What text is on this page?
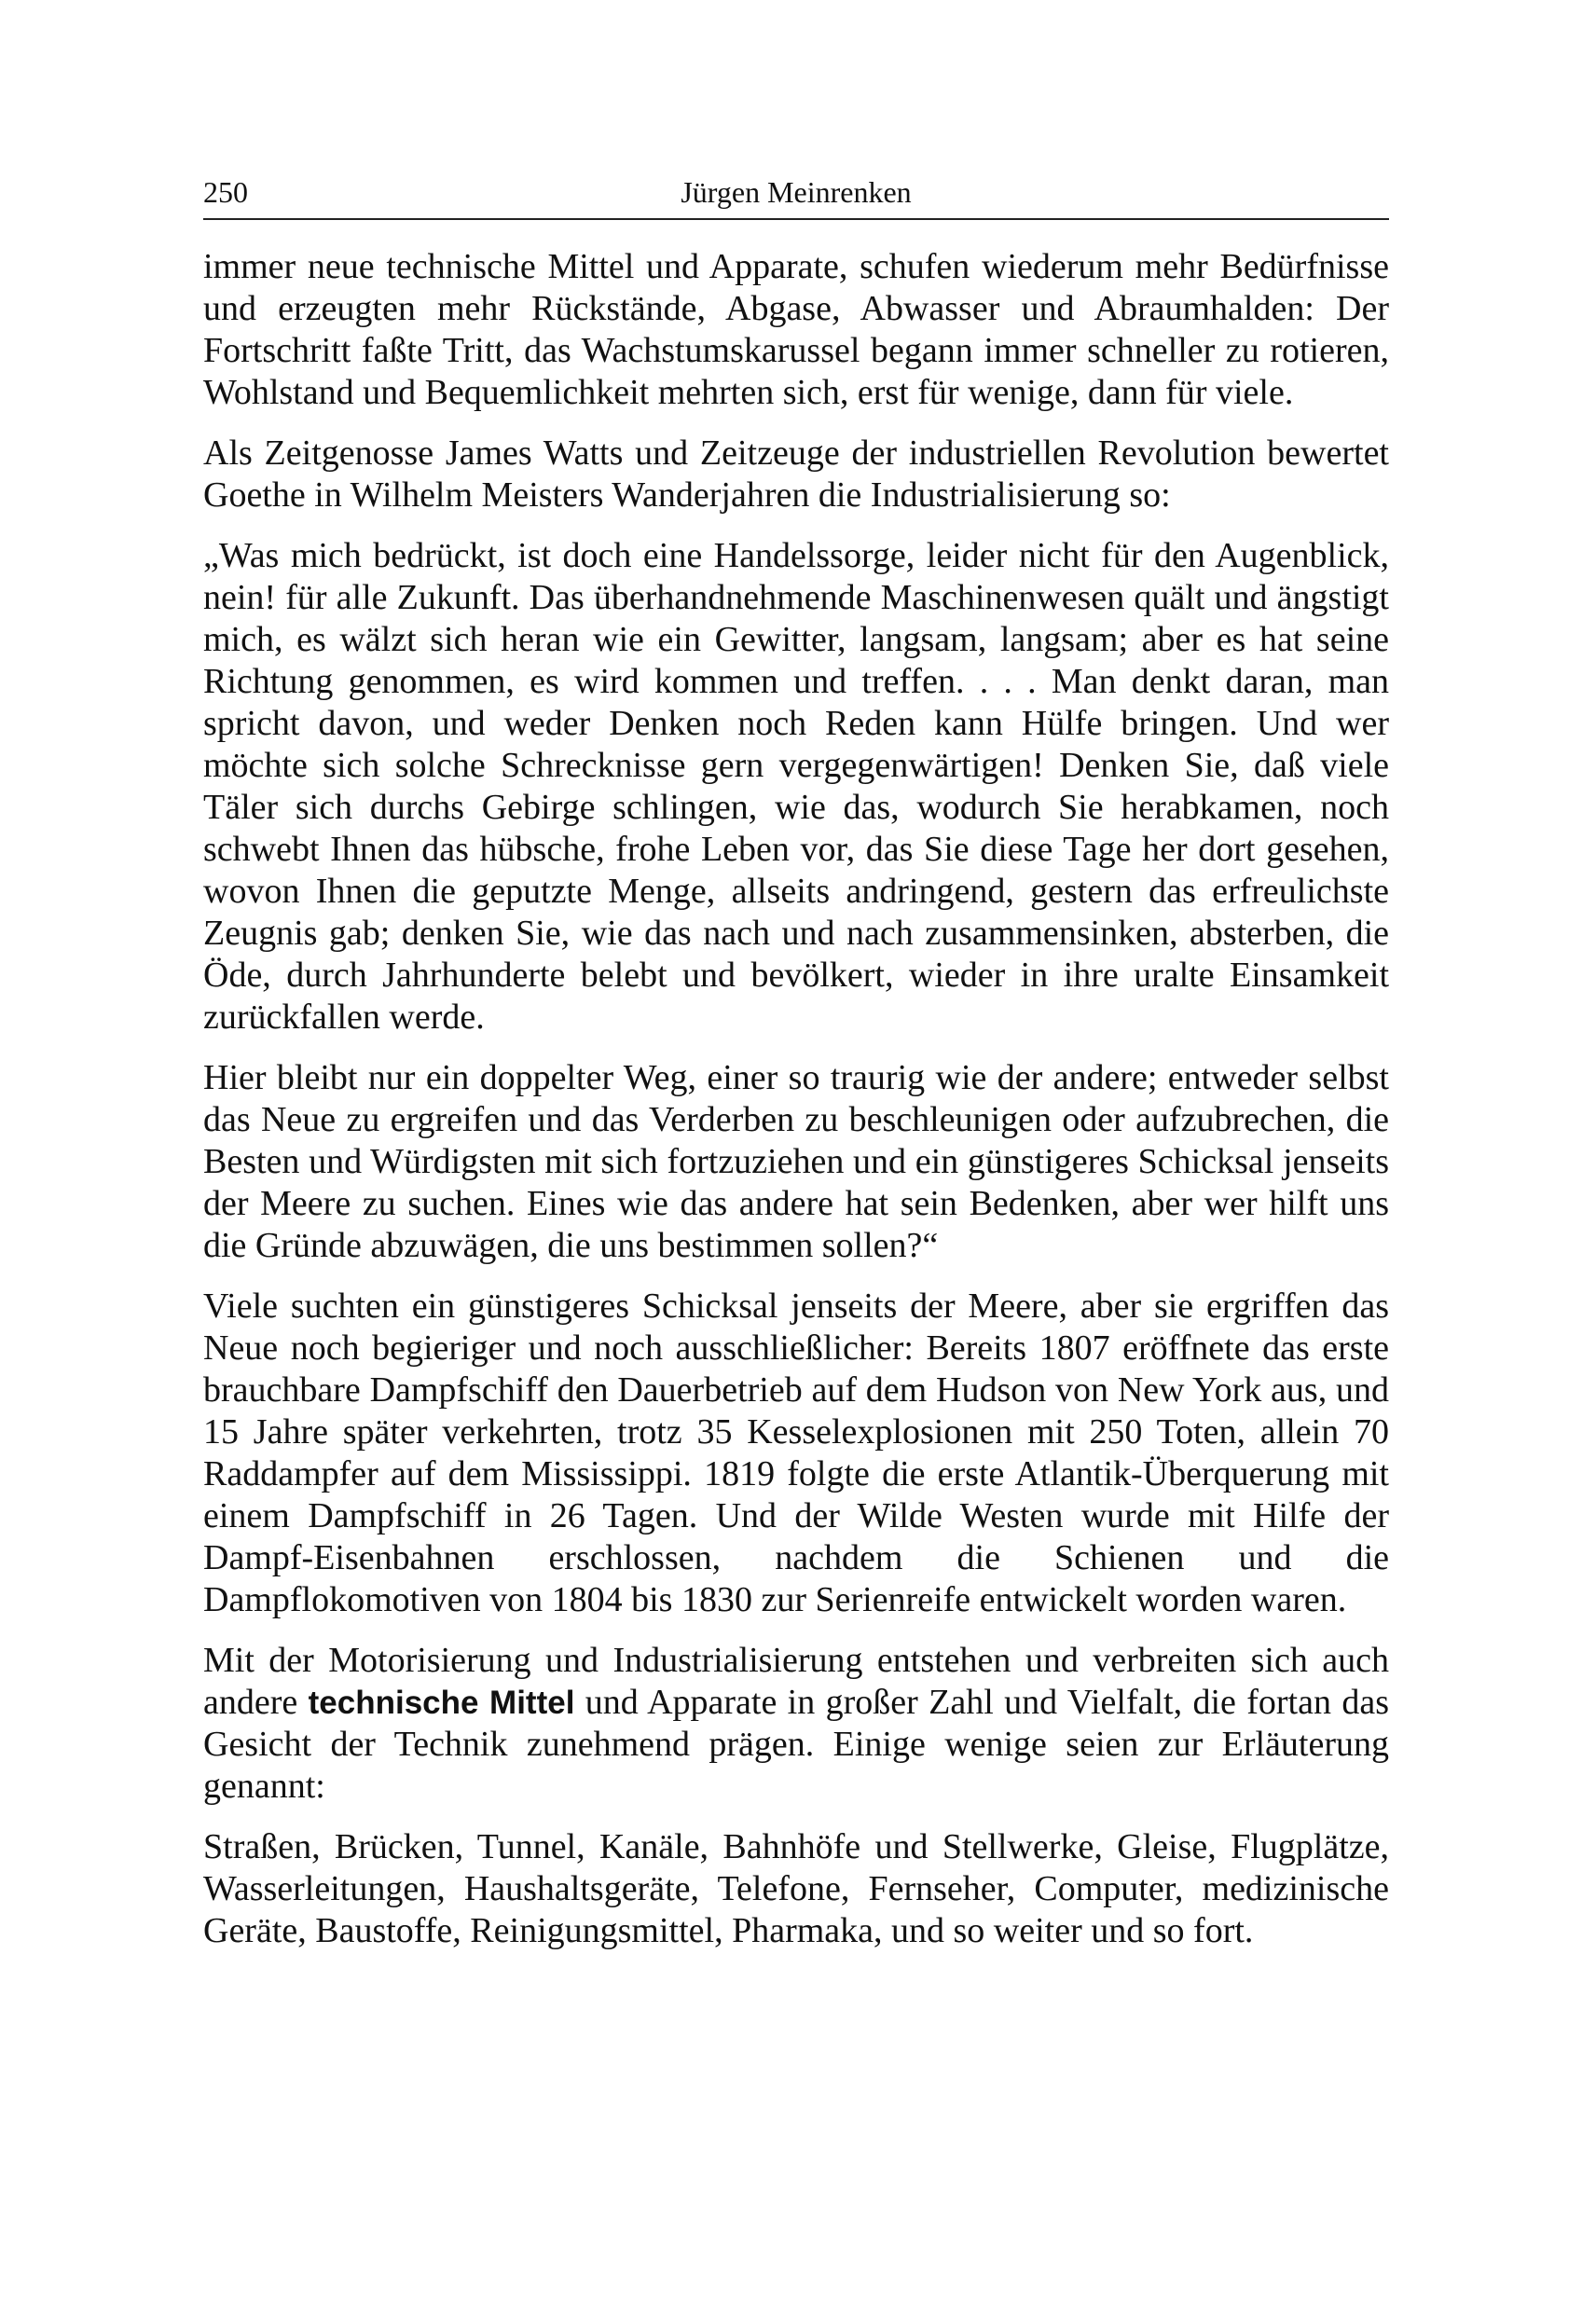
250	Jürgen Meinrenken

immer neue technische Mittel und Apparate, schufen wiederum mehr Bedürfnisse und erzeugten mehr Rückstände, Abgase, Abwasser und Abraumhalden: Der Fortschritt faßte Tritt, das Wachstumskarussel begann immer schneller zu rotieren, Wohlstand und Bequemlichkeit mehrten sich, erst für wenige, dann für viele.

Als Zeitgenosse James Watts und Zeitzeuge der industriellen Revolution bewertet Goethe in Wilhelm Meisters Wanderjahren die Industrialisierung so:

„Was mich bedrückt, ist doch eine Handelssorge, leider nicht für den Augenblick, nein! für alle Zukunft. Das überhandnehmende Maschinenwesen quält und ängstigt mich, es wälzt sich heran wie ein Gewitter, langsam, langsam; aber es hat seine Richtung genommen, es wird kommen und treffen. . . . Man denkt daran, man spricht davon, und weder Denken noch Reden kann Hülfe bringen. Und wer möchte sich solche Schrecknisse gern vergegenwärtigen! Denken Sie, daß viele Täler sich durchs Gebirge schlingen, wie das, wodurch Sie herabkamen, noch schwebt Ihnen das hübsche, frohe Leben vor, das Sie diese Tage her dort gesehen, wovon Ihnen die geputzte Menge, allseits andringend, gestern das erfreulichste Zeugnis gab; denken Sie, wie das nach und nach zusammensinken, absterben, die Öde, durch Jahrhunderte belebt und bevölkert, wieder in ihre uralte Einsamkeit zurückfallen werde.

Hier bleibt nur ein doppelter Weg, einer so traurig wie der andere; entweder selbst das Neue zu ergreifen und das Verderben zu beschleunigen oder aufzubrechen, die Besten und Würdigsten mit sich fortzuziehen und ein günstigeres Schicksal jenseits der Meere zu suchen. Eines wie das andere hat sein Bedenken, aber wer hilft uns die Gründe abzuwägen, die uns bestimmen sollen?“

Viele suchten ein günstigeres Schicksal jenseits der Meere, aber sie ergriffen das Neue noch begieriger und noch ausschließlicher: Bereits 1807 eröffnete das erste brauchbare Dampfschiff den Dauerbetrieb auf dem Hudson von New York aus, und 15 Jahre später verkehrten, trotz 35 Kesselexplosionen mit 250 Toten, allein 70 Raddampfer auf dem Mississippi. 1819 folgte die erste Atlantik-Überquerung mit einem Dampfschiff in 26 Tagen. Und der Wilde Westen wurde mit Hilfe der Dampf-Eisenbahnen erschlossen, nachdem die Schienen und die Dampflokomotiven von 1804 bis 1830 zur Serienreife entwickelt worden waren.

Mit der Motorisierung und Industrialisierung entstehen und verbreiten sich auch andere technische Mittel und Apparate in großer Zahl und Vielfalt, die fortan das Gesicht der Technik zunehmend prägen. Einige wenige seien zur Erläuterung genannt:

Straßen, Brücken, Tunnel, Kanäle, Bahnhöfe und Stellwerke, Gleise, Flugplätze, Wasserleitungen, Haushaltsgeräte, Telefone, Fernseher, Computer, medizinische Geräte, Baustoffe, Reinigungsmittel, Pharmaka, und so weiter und so fort.
